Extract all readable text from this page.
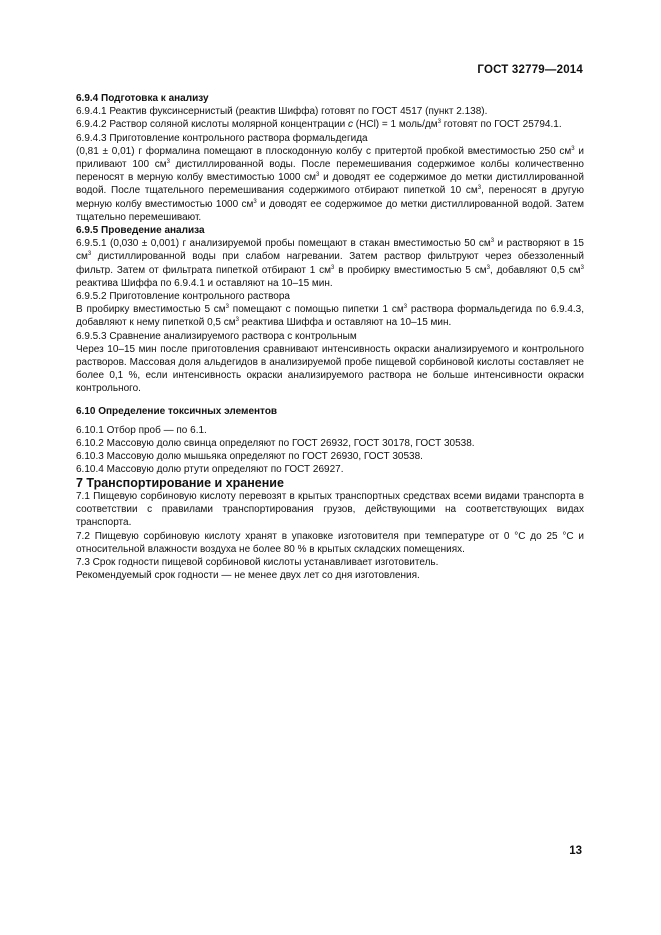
ГОСТ 32779—2014

6.9.4 Подготовка к анализу

6.9.4.1 Реактив фуксинсернистый (реактив Шиффа) готовят по ГОСТ 4517 (пункт 2.138).

6.9.4.2 Раствор соляной кислоты молярной концентрации c (HCl) = 1 моль/$дм^3$ готовят по ГОСТ 25794.1.

6.9.4.3 Приготовление контрольного раствора формальдегида

(0,81 ± 0,01) г формалина помещают в плоскодонную колбу с притертой пробкой вместимостью 250 $см^3$ и приливают 100 $см^3$ дистиллированной воды. После перемешивания содержимое колбы количественно переносят в мерную колбу вместимостью 1000 $см^3$ и доводят ее содержимое до метки дистиллированной водой. После тщательного перемешивания содержимого отбирают пипеткой 10 $см^3$, переносят в другую мерную колбу вместимостью 1000 $см^3$ и доводят ее содержимое до метки дистиллированной водой. Затем тщательно перемешивают.

6.9.5 Проведение анализа

6.9.5.1 (0,030 ± 0,001) г анализируемой пробы помещают в стакан вместимостью 50 $см^3$ и растворяют в 15 $см^3$ дистиллированной воды при слабом нагревании. Затем раствор фильтруют через обеззоленный фильтр. Затем от фильтрата пипеткой отбирают 1 $см^3$ в пробирку вместимостью 5 $см^3$, добавляют 0,5 $см^3$ реактива Шиффа по 6.9.4.1 и оставляют на 10–15 мин.

6.9.5.2 Приготовление контрольного раствора

В пробирку вместимостью 5 $см^3$ помещают с помощью пипетки 1 $см^3$ раствора формальдегида по 6.9.4.3, добавляют к нему пипеткой 0,5 $см^3$ реактива Шиффа и оставляют на 10–15 мин.

6.9.5.3 Сравнение анализируемого раствора с контрольным

Через 10–15 мин после приготовления сравнивают интенсивность окраски анализируемого и контрольного растворов. Массовая доля альдегидов в анализируемой пробе пищевой сорбиновой кислоты составляет не более 0,1 %, если интенсивность окраски анализируемого раствора не больше интенсивности окраски контрольного.

6.10 Определение токсичных элементов

6.10.1 Отбор проб — по 6.1.

6.10.2 Массовую долю свинца определяют по ГОСТ 26932, ГОСТ 30178, ГОСТ 30538.

6.10.3 Массовую долю мышьяка определяют по ГОСТ 26930, ГОСТ 30538.

6.10.4 Массовую долю ртути определяют по ГОСТ 26927.

7 Транспортирование и хранение

7.1 Пищевую сорбиновую кислоту перевозят в крытых транспортных средствах всеми видами транспорта в соответствии с правилами транспортирования грузов, действующими на соответствующих видах транспорта.

7.2 Пищевую сорбиновую кислоту хранят в упаковке изготовителя при температуре от 0 °С до 25 °С и относительной влажности воздуха не более 80 % в крытых складских помещениях.

7.3 Срок годности пищевой сорбиновой кислоты устанавливает изготовитель.

Рекомендуемый срок годности — не менее двух лет со дня изготовления.

13
